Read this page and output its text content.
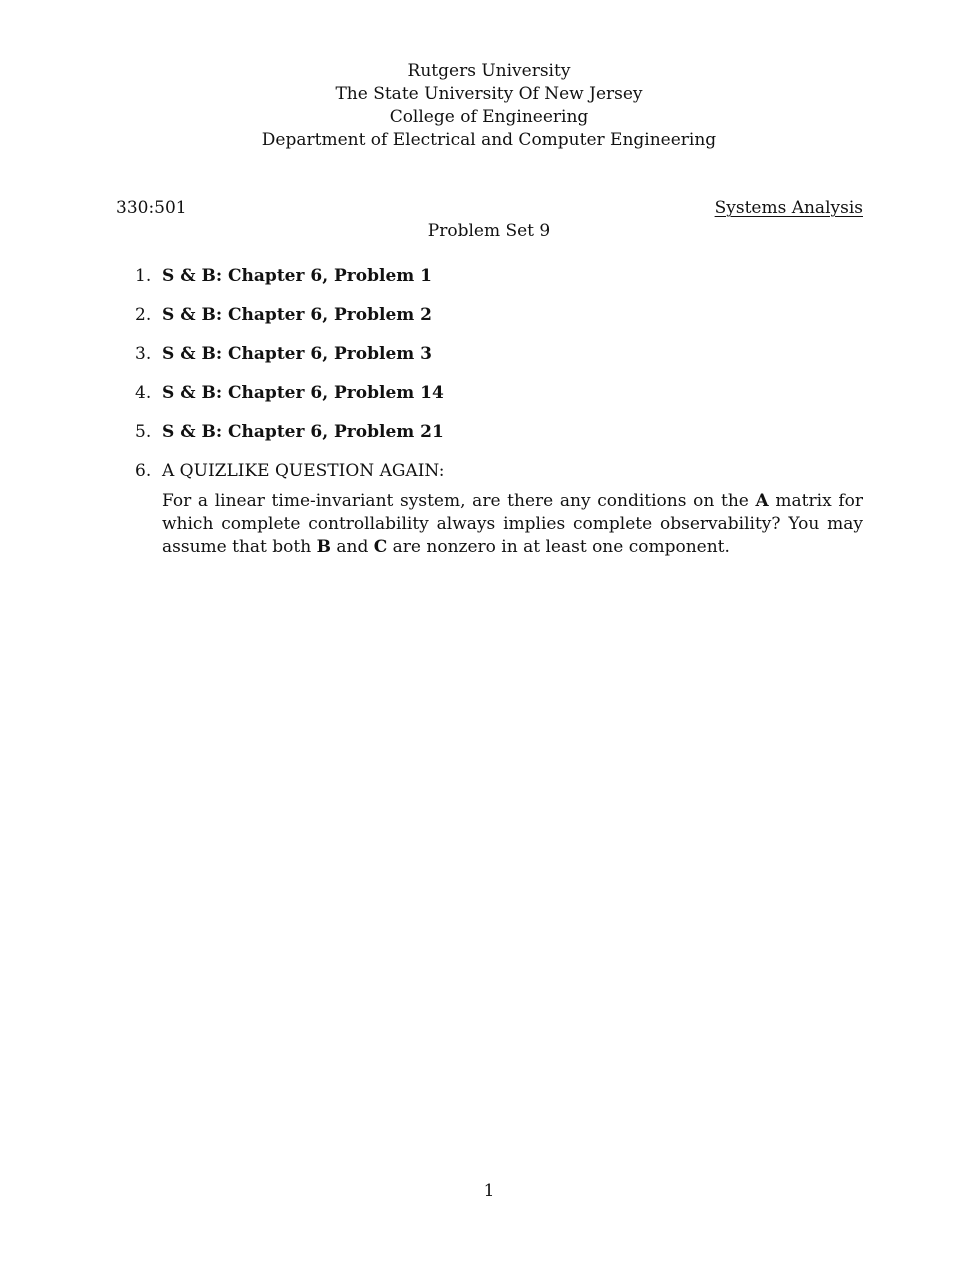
Rutgers University
The State University Of New Jersey
College of Engineering
Department of Electrical and Computer Engineering
330:501	Systems Analysis
Problem Set 9
1. S & B: Chapter 6, Problem 1
2. S & B: Chapter 6, Problem 2
3. S & B: Chapter 6, Problem 3
4. S & B: Chapter 6, Problem 14
5. S & B: Chapter 6, Problem 21
6. A QUIZLIKE QUESTION AGAIN:
For a linear time-invariant system, are there any conditions on the A matrix for which complete controllability always implies complete observability? You may assume that both B and C are nonzero in at least one component.
1
